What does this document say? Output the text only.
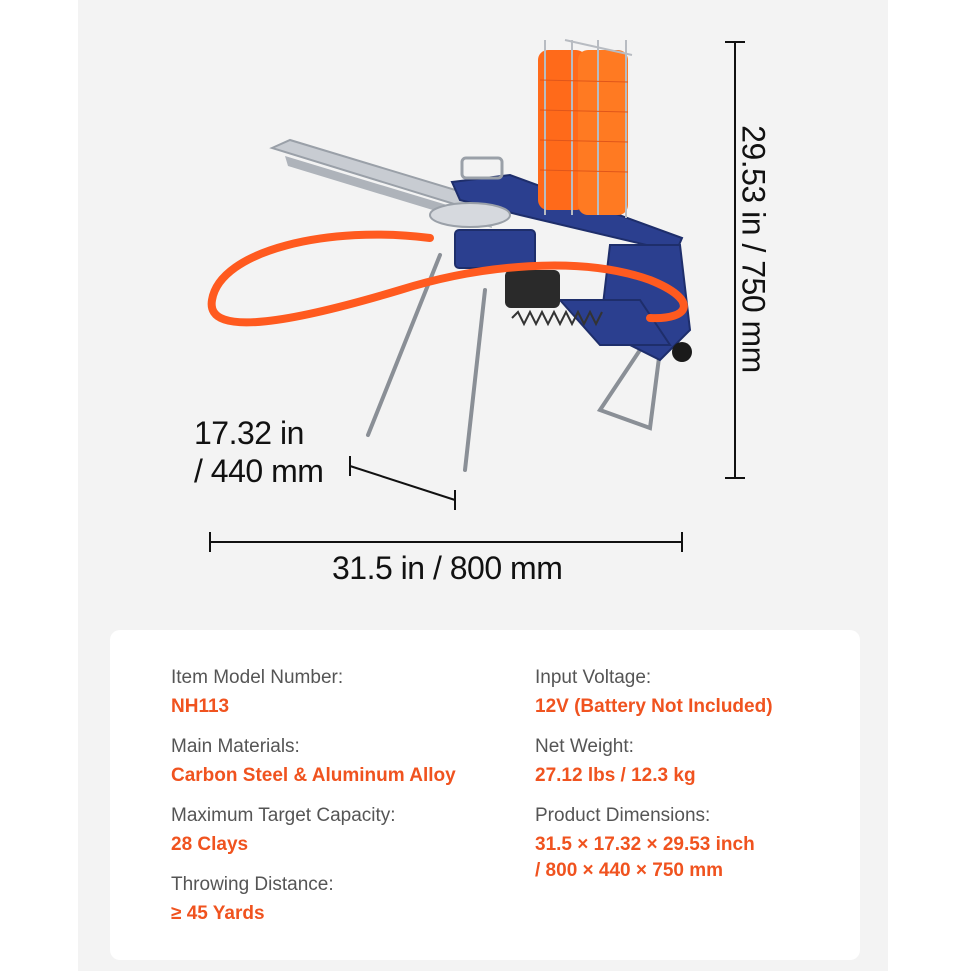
17.32 in
/ 440 mm
31.5 in / 800 mm
29.53 in / 750 mm
Item Model Number:
NH113
Main Materials:
Carbon Steel & Aluminum Alloy
Maximum Target Capacity:
28 Clays
Throwing Distance:
≥ 45 Yards
Input Voltage:
12V (Battery Not Included)
Net Weight:
27.12 lbs / 12.3 kg
Product Dimensions:
31.5 × 17.32 × 29.53 inch
/ 800 × 440 × 750 mm
